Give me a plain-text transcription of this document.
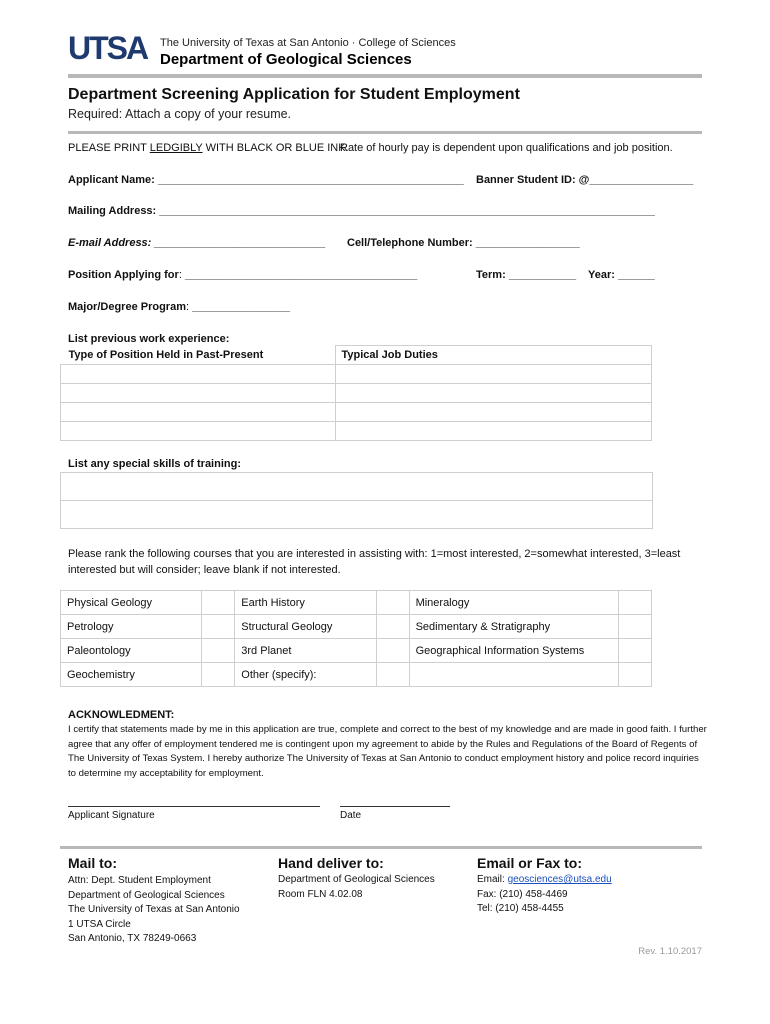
UTSA The University of Texas at San Antonio · College of Sciences
Department of Geological Sciences
Department Screening Application for Student Employment
Required: Attach a copy of your resume.
PLEASE PRINT LEDGIBLY WITH BLACK OR BLUE INK.
Rate of hourly pay is dependent upon qualifications and job position.
Applicant Name: __________________________________________________ Banner Student ID: @_________________
Mailing Address: _________________________________________________________________________________
E-mail Address: ____________________________ Cell/Telephone Number: _________________
Position Applying for: ______________________________________	Term: ___________ Year: ______
Major/Degree Program: ________________
List previous work experience:
Type of Position Held in Past-Present	Typical Job Duties

List any special skills of training:
Please rank the following courses that you are interested in assisting with: 1=most interested, 2=somewhat interested, 3=least interested but will consider; leave blank if not interested.
Physical Geology		Earth History		Mineralogy	
Petrology		Structural Geology		Sedimentary & Stratigraphy	
Paleontology		3rd Planet		Geographical Information Systems	
Geochemistry		Other (specify):			
ACKNOWLEDMENT:
I certify that statements made by me in this application are true, complete and correct to the best of my knowledge and are made in good faith. I further agree that any offer of employment tendered me is contingent upon my agreement to abide by the Rules and Regulations of the Board of Regents of The University of Texas System. I hereby authorize The University of Texas at San Antonio to conduct employment history and police record inquiries to determine my acceptability for employment.
Applicant Signature	Date
Mail to:
Attn: Dept. Student Employment
Department of Geological Sciences
The University of Texas at San Antonio
1 UTSA Circle
San Antonio, TX 78249-0663
Hand deliver to:
Department of Geological Sciences
Room FLN 4.02.08
Email or Fax to:
Email: geosciences@utsa.edu
Fax: (210) 458-4469
Tel: (210) 458-4455
Rev. 1.10.2017
